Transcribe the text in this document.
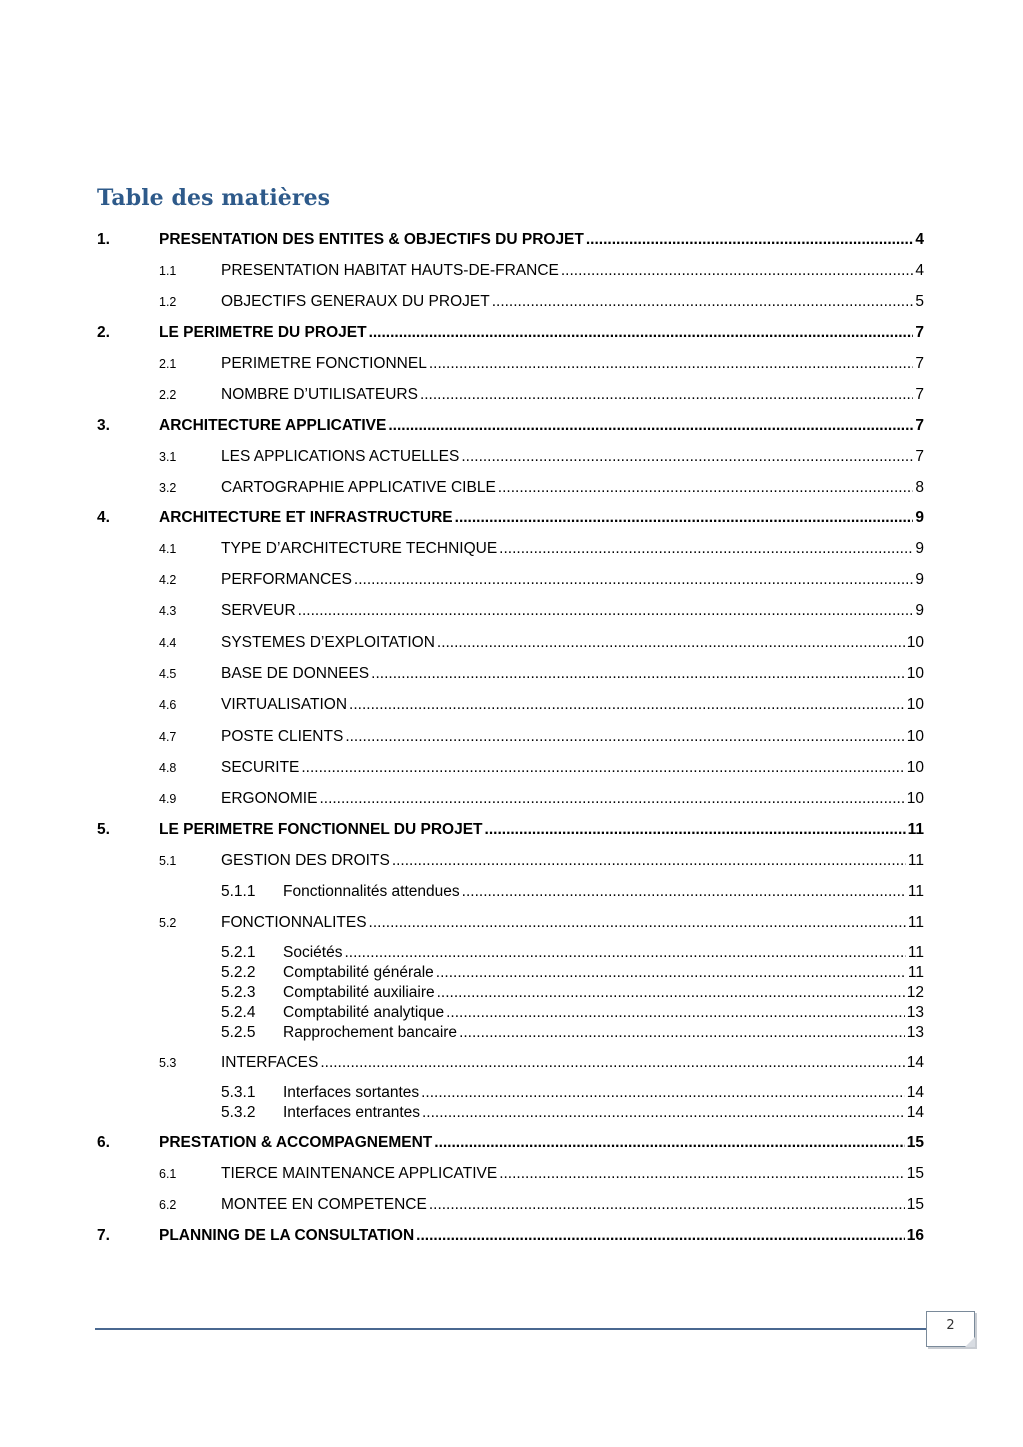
Table des matières
1.	PRESENTATION DES ENTITES & OBJECTIFS DU PROJET .....	4
1.1	PRESENTATION HABITAT HAUTS-DE-FRANCE .....	4
1.2	OBJECTIFS GENERAUX DU PROJET .....	5
2.	LE PERIMETRE DU PROJET .....	7
2.1	PERIMETRE FONCTIONNEL .....	7
2.2	NOMBRE D’UTILISATEURS .....	7
3.	ARCHITECTURE APPLICATIVE .....	7
3.1	LES APPLICATIONS ACTUELLES .....	7
3.2	CARTOGRAPHIE APPLICATIVE CIBLE .....	8
4.	ARCHITECTURE ET INFRASTRUCTURE .....	9
4.1	TYPE D’ARCHITECTURE TECHNIQUE .....	9
4.2	PERFORMANCES .....	9
4.3	SERVEUR .....	9
4.4	SYSTEMES D’EXPLOITATION .....	10
4.5	BASE DE DONNEES .....	10
4.6	VIRTUALISATION .....	10
4.7	POSTE CLIENTS .....	10
4.8	SECURITE .....	10
4.9	ERGONOMIE .....	10
5.	LE PERIMETRE FONCTIONNEL DU PROJET .....	11
5.1	GESTION DES DROITS .....	11
5.1.1 Fonctionnalités attendues .....	11
5.2	FONCTIONNALITES .....	11
5.2.1 Sociétés .....	11
5.2.2 Comptabilité générale .....	11
5.2.3 Comptabilité auxiliaire .....	12
5.2.4 Comptabilité analytique .....	13
5.2.5 Rapprochement bancaire .....	13
5.3	INTERFACES .....	14
5.3.1 Interfaces sortantes .....	14
5.3.2 Interfaces entrantes .....	14
6.	PRESTATION & ACCOMPAGNEMENT .....	15
6.1	TIERCE MAINTENANCE APPLICATIVE .....	15
6.2	MONTEE EN COMPETENCE .....	15
7.	PLANNING DE LA CONSULTATION .....	16
2
